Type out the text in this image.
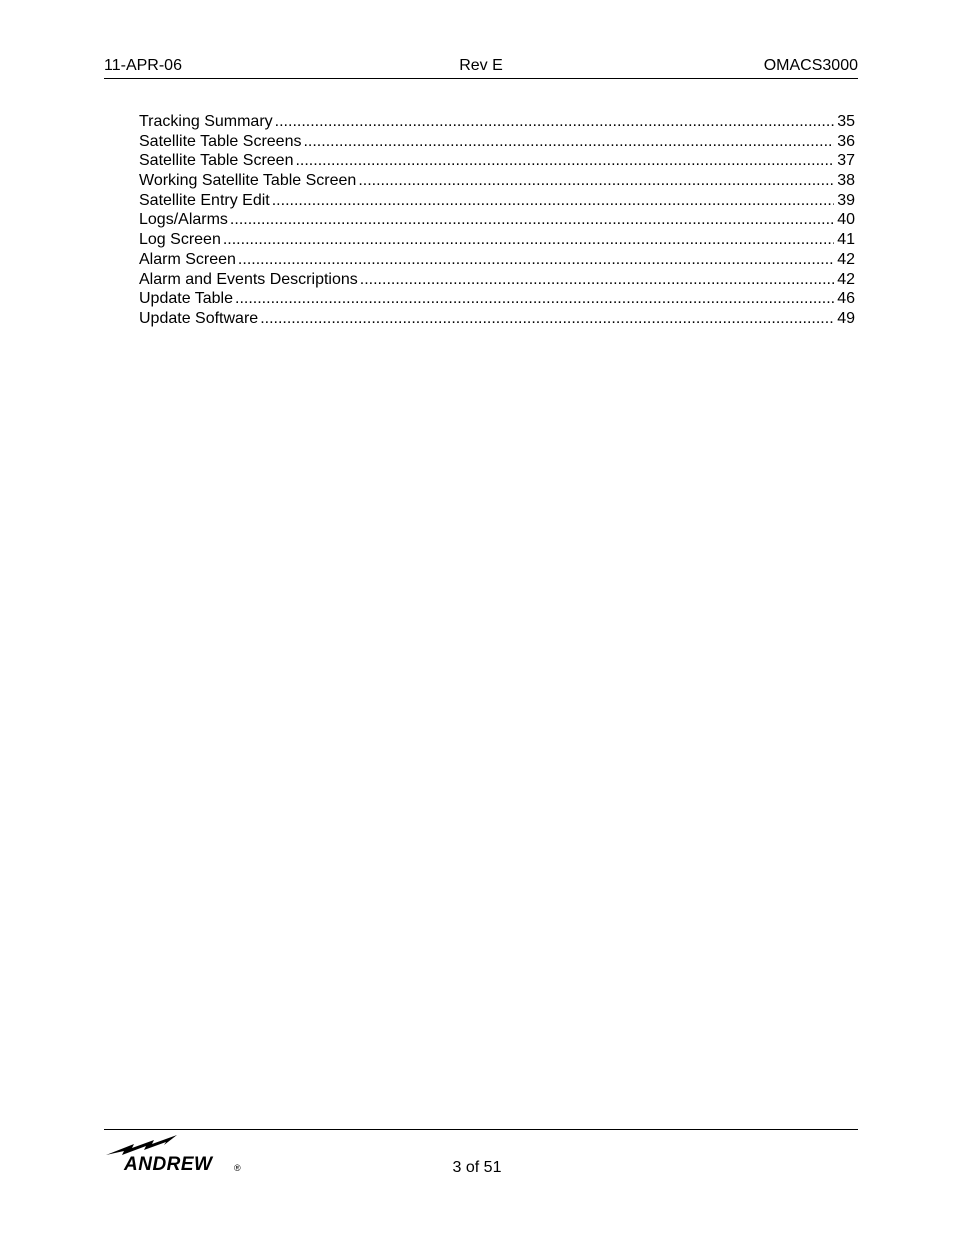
11-APR-06	Rev E	OMACS3000
Tracking Summary .....	35
Satellite Table Screens .....	36
Satellite Table Screen .....	37
Working Satellite Table Screen .....	38
Satellite Entry Edit .....	39
Logs/Alarms .....	40
Log Screen .....	41
Alarm Screen .....	42
Alarm and Events Descriptions .....	42
Update Table .....	46
Update Software .....	49
ANDREW ®	3 of 51
